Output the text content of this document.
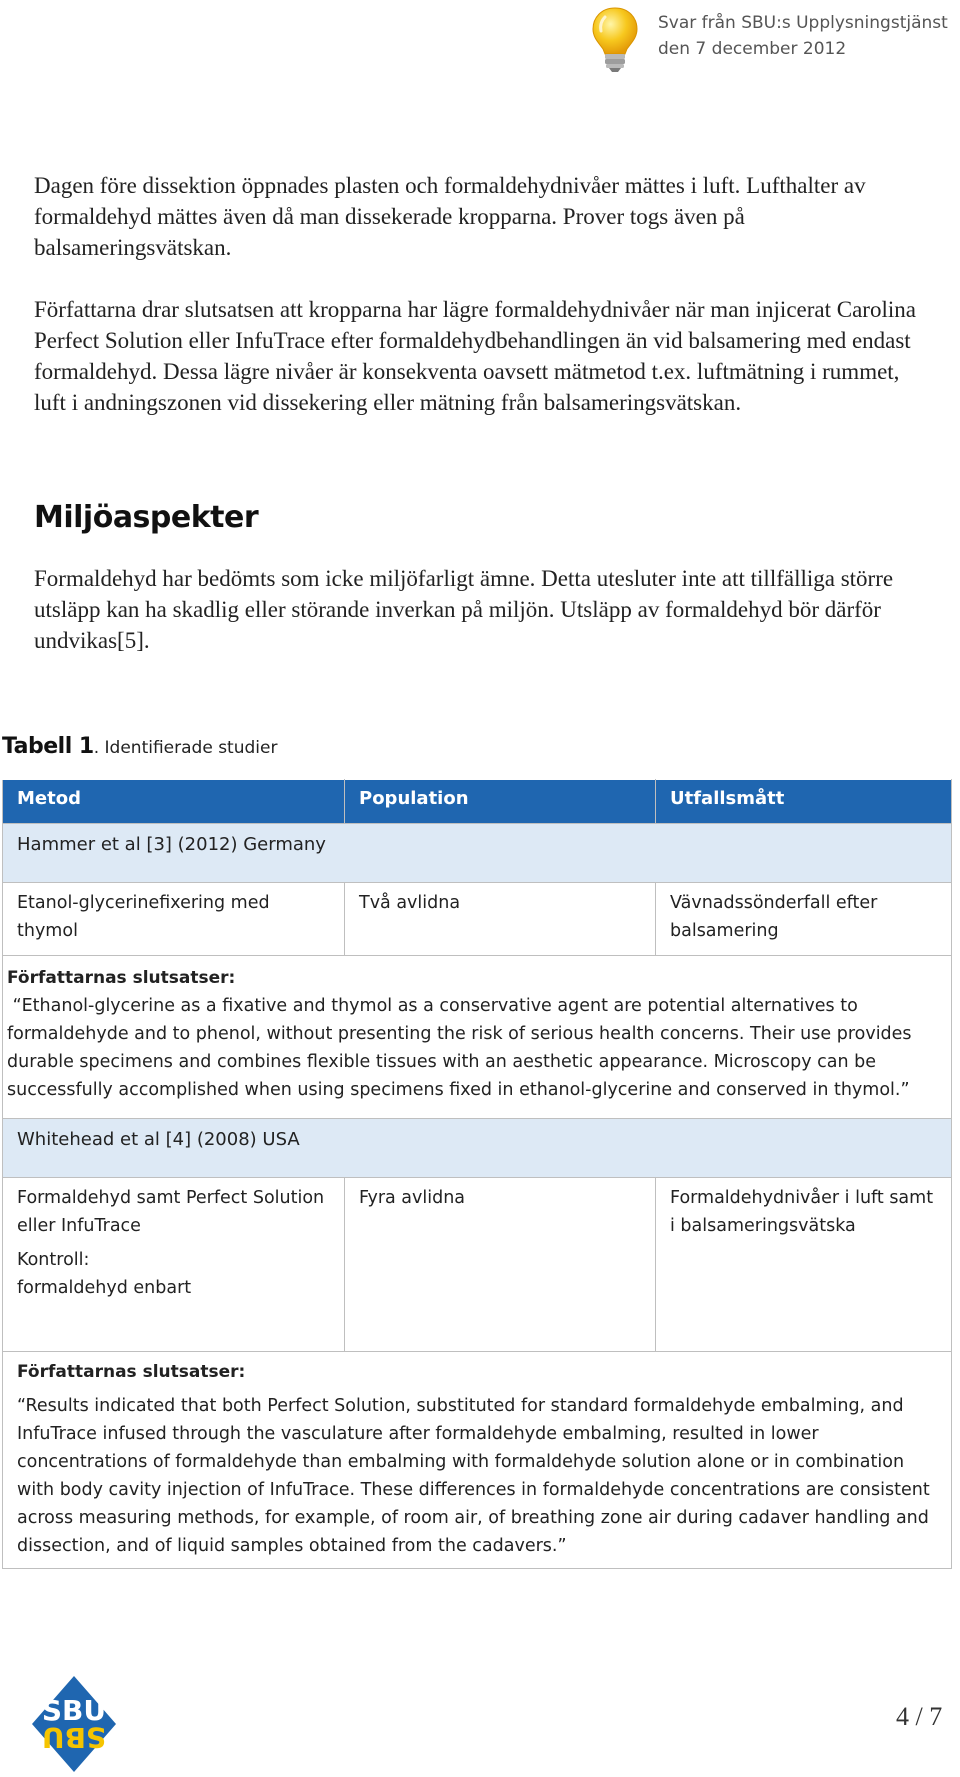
Svar från SBU:s Upplysningstjänst
den 7 december 2012

Dagen före dissektion öppnades plasten och formaldehydnivåer mättes i luft. Lufthalter av formaldehyd mättes även då man dissekerade kropparna. Prover togs även på balsameringsvätskan.

Författarna drar slutsatsen att kropparna har lägre formaldehydnivåer när man injicerat Carolina Perfect Solution eller InfuTrace efter formaldehydbehandlingen än vid balsamering med endast formaldehyd. Dessa lägre nivåer är konsekventa oavsett mätmetod t.ex. luftmätning i rummet, luft i andningszonen vid dissekering eller mätning från balsameringsvätskan.

Miljöaspekter

Formaldehyd har bedömts som icke miljöfarligt ämne. Detta utesluter inte att tillfälliga större utsläpp kan ha skadlig eller störande inverkan på miljön. Utsläpp av formaldehyd bör därför undvikas[5].

Tabell 1. Identifierade studier
Metod	Population	Utfallsmått
Hammer et al [3] (2012) Germany		
Etanol-glycerinefixering med thymol	Två avlidna	Vävnadssönderfall efter balsamering

Författarnas slutsatser:
“Ethanol-glycerine as a fixative and thymol as a conservative agent are potential alternatives to formaldehyde and to phenol, without presenting the risk of serious health concerns. Their use provides durable specimens and combines flexible tissues with an aesthetic appearance. Microscopy can be successfully accomplished when using specimens fixed in ethanol-glycerine and conserved in thymol.”		

Whitehead et al [4] (2008) USA		
Formaldehyd samt Perfect Solution eller InfuTrace
Kontroll:
formaldehyd enbart	Fyra avlidna	Formaldehydnivåer i luft samt i balsameringsvätska

Författarnas slutsatser:
“Results indicated that both Perfect Solution, substituted for standard formaldehyde embalming, and InfuTrace infused through the vasculature after formaldehyde embalming, resulted in lower concentrations of formaldehyde than embalming with formaldehyde solution alone or in combination with body cavity injection of InfuTrace. These differences in formaldehyde concentrations are consistent across measuring methods, for example, of room air, of breathing zone air during cadaver handling and dissection, and of liquid samples obtained from the cadavers.”		
SBU
SBU
4 / 7
